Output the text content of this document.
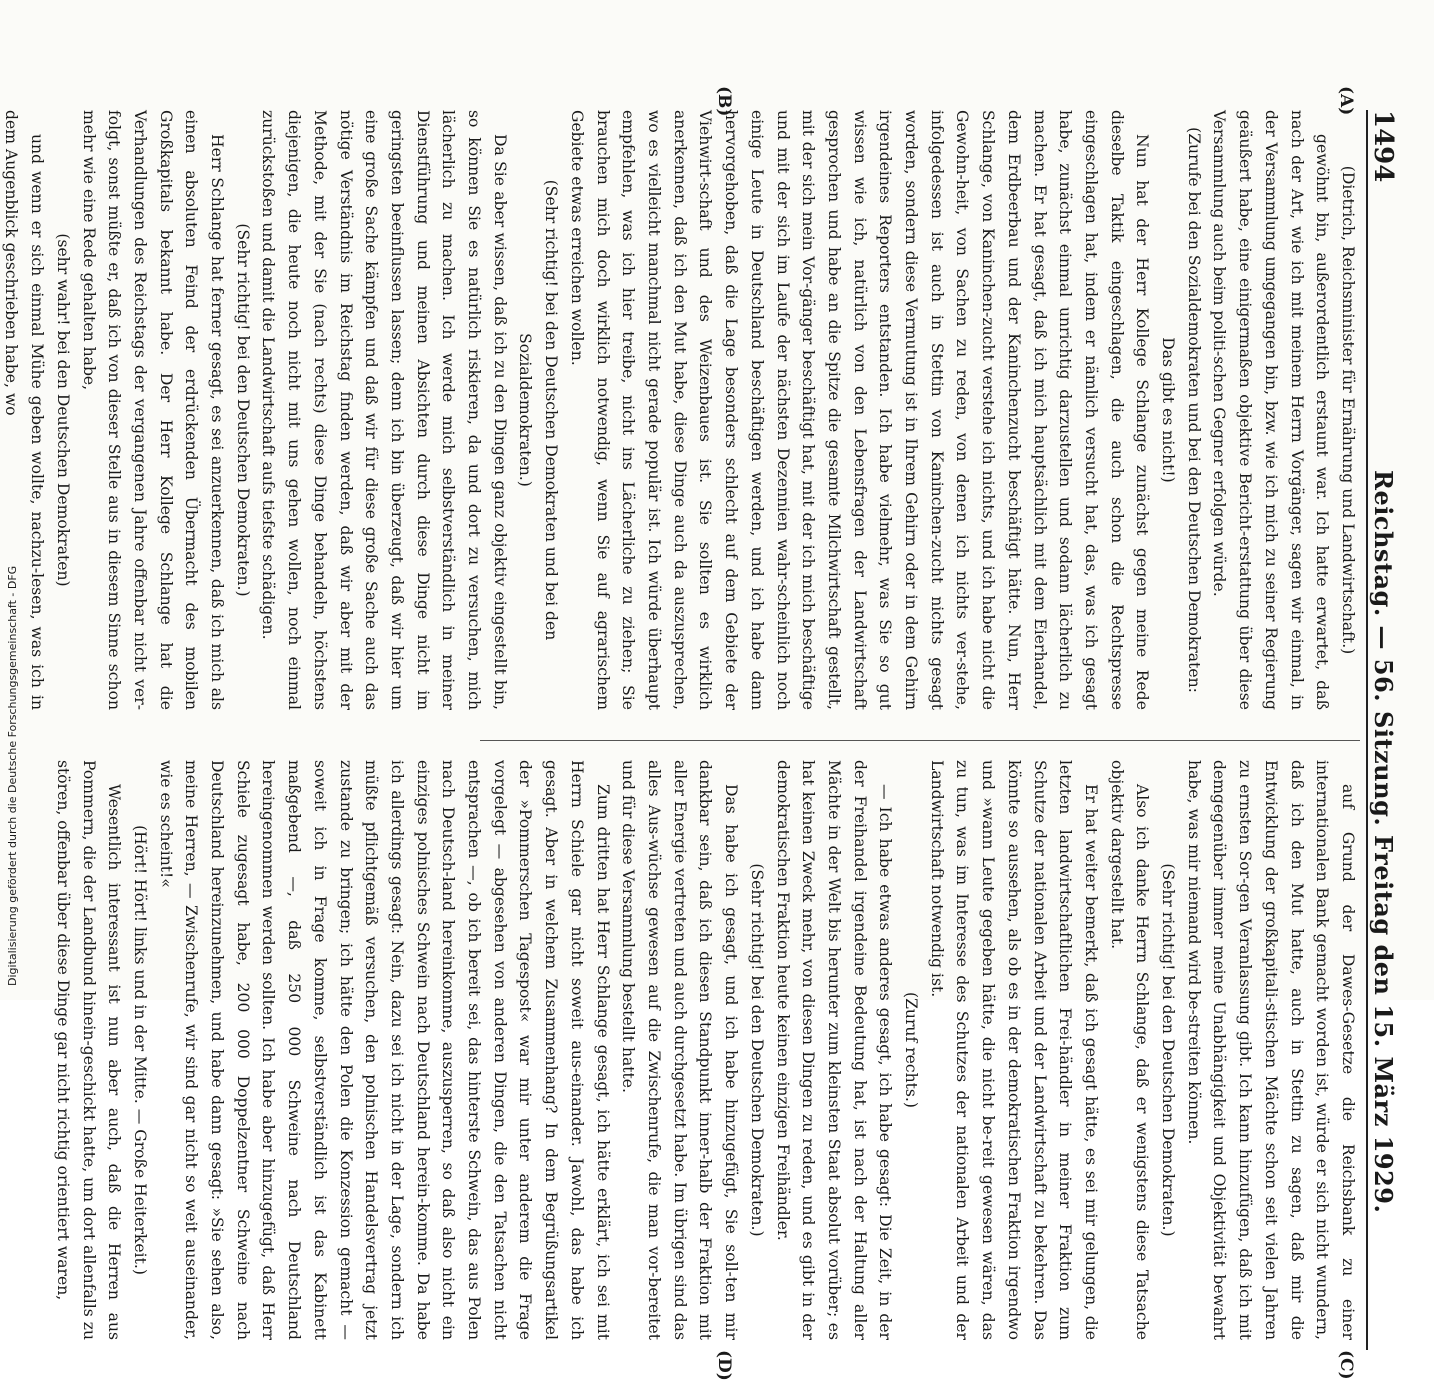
1494
Reichstag. — 56. Sitzung. Freitag den 15. März 1929.
(A)
(B)
(C)
(D)

(Dietrich, Reichsminister für Ernährung und Landwirtschaft.)

gewöhnt bin, außerordentlich erstaunt war. Ich hatte erwartet, daß nach der Art, wie ich mit meinem Herrn Vorgänger, sagen wir einmal, in der Versammlung umgegangen bin, bzw. wie ich mich zu seiner Regierung geäußert habe, eine einigermaßen objektive Bericht-erstattung über diese Versammlung auch beim politi-schen Gegner erfolgen würde.

(Zurufe bei den Sozialdemokraten und bei den Deutschen Demokraten: Das gibt es nicht!)

Nun hat der Herr Kollege Schlange zunächst gegen meine Rede dieselbe Taktik eingeschlagen, die auch schon die Rechtspresse eingeschlagen hat, indem er nämlich versucht hat, das, was ich gesagt habe, zunächst einmal unrichtig darzustellen und sodann lächerlich zu machen. Er hat gesagt, daß ich mich hauptsächlich mit dem Eierhandel, dem Erdbeerbau und der Kaninchenzucht beschäftigt hätte. Nun, Herr Schlange, von Kaninchen-zucht verstehe ich nichts, und ich habe nicht die Gewohn-heit, von Sachen zu reden, von denen ich nichts ver-stehe, infolgedessen ist auch in Stettin von Kaninchen-zucht nichts gesagt worden, sondern diese Vermutung ist in Ihrem Gehirn oder in dem Gehirn irgendeines Reporters entstanden. Ich habe vielmehr, was Sie so gut wissen wie ich, natürlich von den Lebensfragen der Landwirtschaft gesprochen und habe an die Spitze die gesamte Milchwirtschaft gestellt, mit der sich mein Vor-gänger beschäftigt hat, mit der ich mich beschäftige und mit der sich im Laufe der nächsten Dezennien wahr-scheinlich noch einige Leute in Deutschland beschäftigen werden, und ich habe dann hervorgehoben, daß die Lage besonders schlecht auf dem Gebiete der Viehwirt-schaft und des Weizenbaues ist. Sie sollten es wirklich anerkennen, daß ich den Mut habe, diese Dinge auch da auszusprechen, wo es vielleicht manchmal nicht gerade populär ist. Ich würde überhaupt empfehlen, was ich hier treibe, nicht ins Lächerliche zu ziehen; Sie brauchen mich doch wirklich notwendig, wenn Sie auf agrarischem Gebiete etwas erreichen wollen.

(Sehr richtig! bei den Deutschen Demokraten und bei den Sozialdemokraten.)

Da Sie aber wissen, daß ich zu den Dingen ganz objektiv eingestellt bin, so können Sie es natürlich riskieren, da und dort zu versuchen, mich lächerlich zu machen. Ich werde mich selbstverständlich in meiner Dienstführung und meinen Absichten durch diese Dinge nicht im geringsten beeinflussen lassen; denn ich bin überzeugt, daß wir hier um eine große Sache kämpfen und daß wir für diese große Sache auch das nötige Verständnis im Reichstag finden werden, daß wir aber mit der Methode, mit der Sie (nach rechts) diese Dinge behandeln, höchstens diejenigen, die heute noch nicht mit uns gehen wollen, noch einmal zurückstoßen und damit die Landwirtschaft aufs tiefste schädigen.

(Sehr richtig! bei den Deutschen Demokraten.)

Herr Schlange hat ferner gesagt, es sei anzuerkennen, daß ich mich als einen absoluten Feind der erdrückenden Übermacht des mobilen Großkapitals bekannt habe. Der Herr Kollege Schlange hat die Verhandlungen des Reichstags der vergangenen Jahre offenbar nicht ver-folgt, sonst müßte er, daß ich von dieser Stelle aus in diesem Sinne schon mehr wie eine Rede gehalten habe,

(sehr wahr! bei den Deutschen Demokraten)

und wenn er sich einmal Mühe geben wollte, nachzu-lesen, was ich in dem Augenblick geschrieben habe, wo

auf Grund der Dawes-Gesetze die Reichsbank zu einer internationalen Bank gemacht worden ist, würde er sich nicht wundern, daß ich den Mut hatte, auch in Stettin zu sagen, daß mir die Entwicklung der großkapitali-stischen Mächte schon seit vielen Jahren zu ernsten Sor-gen Veranlassung gibt. Ich kann hinzufügen, daß ich mit demgegenüber immer meine Unabhängigkeit und Objektivität bewahrt habe, was mir niemand wird be-streiten können.

(Sehr richtig! bei den Deutschen Demokraten.)

Also ich danke Herrn Schlange, daß er wenigstens diese Tatsache objektiv dargestellt hat.

Er hat weiter bemerkt, daß ich gesagt hätte, es sei mir gelungen, die letzten landwirtschaftlichen Frei-händler in meiner Fraktion zum Schutze der nationalen Arbeit und der Landwirtschaft zu bekehren. Das könnte so aussehen, als ob es in der demokratischen Fraktion irgendwo und »wann Leute gegeben hätte, die nicht be-reit gewesen wären, das zu tun, was im Interesse des Schutzes der nationalen Arbeit und der Landwirtschaft notwendig ist.

(Zuruf rechts.)

— Ich habe etwas anderes gesagt, ich habe gesagt: Die Zeit, in der der Freihandel irgendeine Bedeutung hat, ist nach der Haltung aller Mächte in der Welt bis herunter zum kleinsten Staat absolut vorüber; es hat keinen Zweck mehr, von diesen Dingen zu reden, und es gibt in der demokratischen Fraktion heute keinen einzigen Freihändler.

(Sehr richtig! bei den Deutschen Demokraten.)

Das habe ich gesagt, und ich habe hinzugefügt, Sie soll-ten mir dankbar sein, daß ich diesen Standpunkt inner-halb der Fraktion mit aller Energie vertreten und auch durchgesetzt habe. Im übrigen sind das alles Aus-wüchse gewesen auf die Zwischenrufe, die man vor-bereitet und für diese Versammlung bestellt hatte.

Zum dritten hat Herr Schlange gesagt, ich hätte erklärt, ich sei mit Herrn Schiele gar nicht soweit aus-einander. Jawohl, das habe ich gesagt. Aber in welchem Zusammenhang? In dem Begrüßungsartikel der »Pommerschen Tagespost« war mir unter anderem die Frage vorgelegt — abgesehen von anderen Dingen, die den Tatsachen nicht entsprachen —, ob ich bereit sei, das hinterste Schwein, das aus Polen nach Deutsch-land hereinkomme, auszusperren, so daß also nicht ein einziges polnisches Schwein nach Deutschland herein-komme. Da habe ich allerdings gesagt: Nein, dazu sei ich nicht in der Lage, sondern ich müßte pflichtgemäß versuchen, den polnischen Handelsvertrag jetzt zustande zu bringen; ich hätte den Polen die Konzession gemacht — soweit ich in Frage komme, selbstverständlich ist das Kabinett maßgebend —, daß 250 000 Schweine nach Deutschland hereingenommen werden sollten. Ich habe aber hinzugefügt, daß Herr Schiele zugesagt habe, 200 000 Doppelzentner Schweine nach Deutschland hereinzunehmen, und habe dann gesagt: »Sie sehen also, meine Herren, — Zwischenrufe, wir sind gar nicht so weit auseinander, wie es scheint!«

(Hört! Hört! links und in der Mitte. — Große Heiterkeit.)

Wesentlich interessant ist nun aber auch, daß die Herren aus Pommern, die der Landbund hinein-geschickt hatte, um dort allenfalls zu stören, offenbar über diese Dinge gar nicht richtig orientiert waren,

Digitalisierung gefördert durch die Deutsche Forschungsgemeinschaft - DFG
